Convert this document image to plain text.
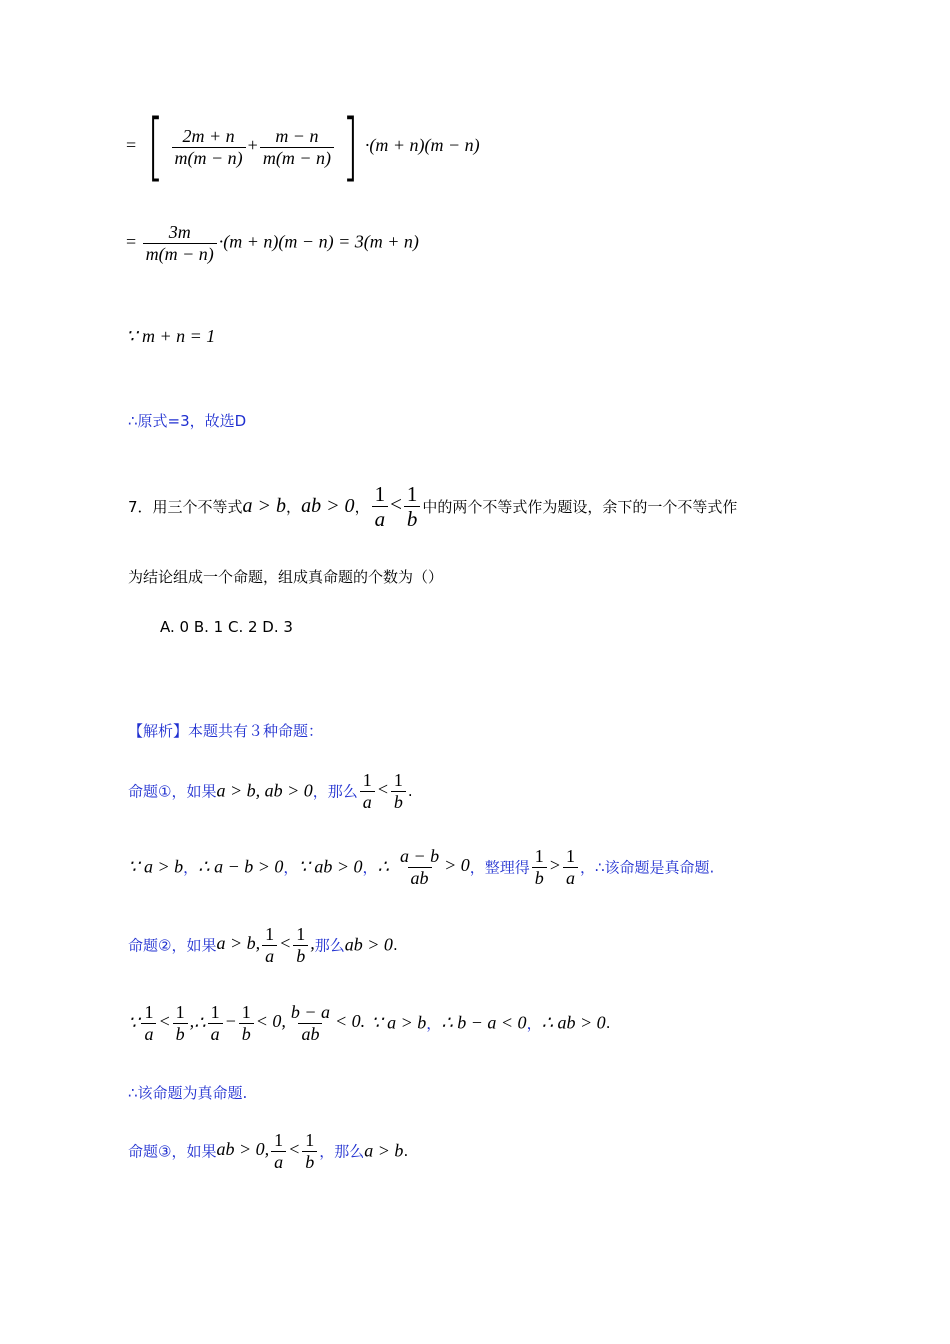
= [ $\frac{2m + n}{m(m - n)} + \frac{m - n}{m(m - n)}$ ] ·(m + n)(m − n)
= $\frac{3m}{m(m - n)} \cdot(m + n)(m - n) = 3(m + n)$
∵ m + n = 1
∴原式=3，故选D
7．用三个不等式a > b，ab > 0， $\frac{1}{a} < \frac{1}{b}$ 中的两个不等式作为题设，余下的一个不等式作
为结论组成一个命题，组成真命题的个数为（）
A. 0 B. 1 C. 2 D. 3
【解析】本题共有３种命题：
命题①，如果a > b, ab > 0，那么 $\frac{1}{a} < \frac{1}{b}$ .
∵ a > b，∴ a − b > 0，∵ ab > 0，∴ $\frac{a - b}{ab} > 0$，整理得 $\frac{1}{b} > \frac{1}{a}$ ，∴该命题是真命题.
命题②，如果a > b, $\frac{1}{a} < \frac{1}{b}$ ,那么ab > 0.
∵ $\frac{1}{a} < \frac{1}{b}$ ,∴ $\frac{1}{a} - \frac{1}{b} < 0$, $\frac{b - a}{ab} < 0$. ∵ a > b，∴ b − a < 0，∴ ab > 0.
∴该命题为真命题.
命题③，如果ab > 0, $\frac{1}{a} < \frac{1}{b}$ ，那么a > b.
